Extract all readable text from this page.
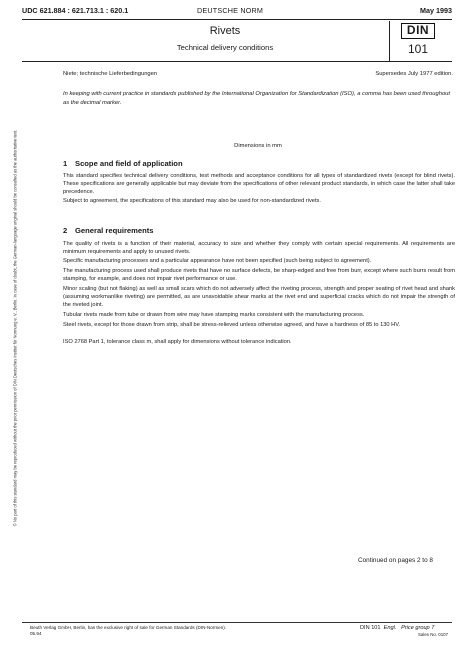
UDC 621.884 : 621.713.1 : 620.1	DEUTSCHE NORM	May 1993
Rivets
Technical delivery conditions
DIN
101
Niete; technische Lieferbedingungen	Supersedes July 1977 edition.
In keeping with current practice in standards published by the International Organization for Standardization (ISO), a comma has been used throughout as the decimal marker.
Dimensions in mm
1 Scope and field of application
This standard specifies technical delivery conditions, test methods and acceptance conditions for all types of standardized rivets (except for blind rivets). These specifications are generally applicable but may deviate from the specifications of other relevant product standards, in which case the latter shall take precedence.
Subject to agreement, the specifications of this standard may also be used for non-standardized rivets.
2 General requirements
The quality of rivets is a function of their material, accuracy to size and whether they comply with certain special requirements. All requirements are minimum requirements and apply to unused rivets.
Specific manufacturing processes and a particular appearance have not been specified (such being subject to agreement).
The manufacturing process used shall produce rivets that have no surface defects, be sharp-edged and free from burr, except where such burrs result from stamping, for example, and does not impair rivet performance or use.
Minor scaling (but not flaking) as well as small scars which do not adversely affect the riveting process, strength and proper seating of rivet head and shank (assuming workmanlike riveting) are permitted, as are unavoidable shear marks at the rivet end and superficial cracks which do not impair the strength of the riveted joint.
Tubular rivets made from tube or drawn from wire may have stamping marks consistent with the manufacturing process.
Steel rivets, except for those drawn from strip, shall be stress-relieved unless otherwise agreed, and have a hardness of 85 to 130 HV.
ISO 2768 Part 1, tolerance class m, shall apply for dimensions without tolerance indication.
© No part of this standard may be reproduced without the prior permission of DIN Deutsches Institut für Normung e. V., Berlin. In case of doubt, the German-language original should be consulted as the authoritative text.
Continued on pages 2 to 8
Beuth Verlag GmbH, Berlin, has the exclusive right of sale for German Standards (DIN-Normen).
05.94
DIN 101 Engl. Price group 7
Sales No. 0107
